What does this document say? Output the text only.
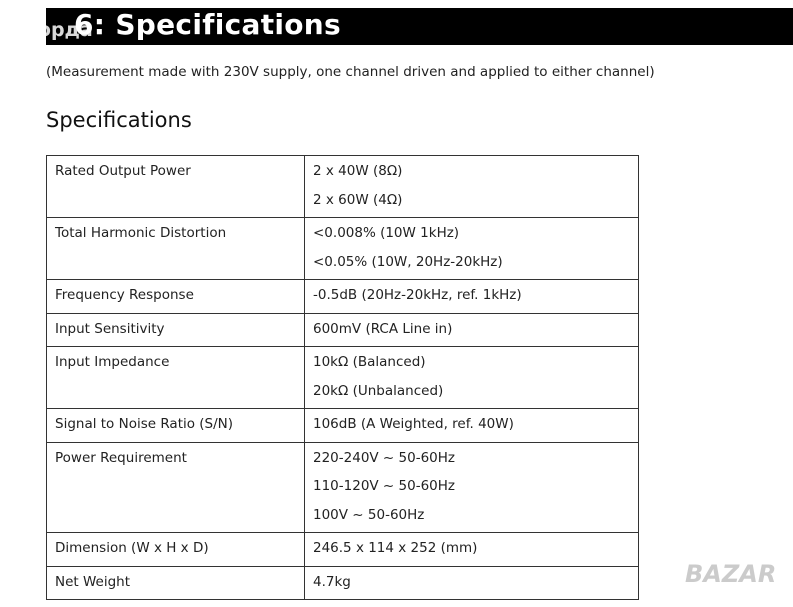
6: Specifications
Норда
(Measurement made with 230V supply, one channel driven and applied to either channel)
Specifications
Rated Output Power	2 x 40W (8Ω)
2 x 60W (4Ω)

Total Harmonic Distortion	<0.008% (10W 1kHz)
<0.05% (10W, 20Hz-20kHz)

Frequency Response	-0.5dB (20Hz-20kHz, ref. 1kHz)

Input Sensitivity	600mV (RCA Line in)

Input Impedance	10kΩ (Balanced)
20kΩ (Unbalanced)

Signal to Noise Ratio (S/N)	106dB (A Weighted, ref. 40W)

Power Requirement	220-240V ~ 50-60Hz
110-120V ~ 50-60Hz
100V ~ 50-60Hz

Dimension (W x H x D)	246.5 x 114 x 252 (mm)

Net Weight	4.7kg	BAZAR
